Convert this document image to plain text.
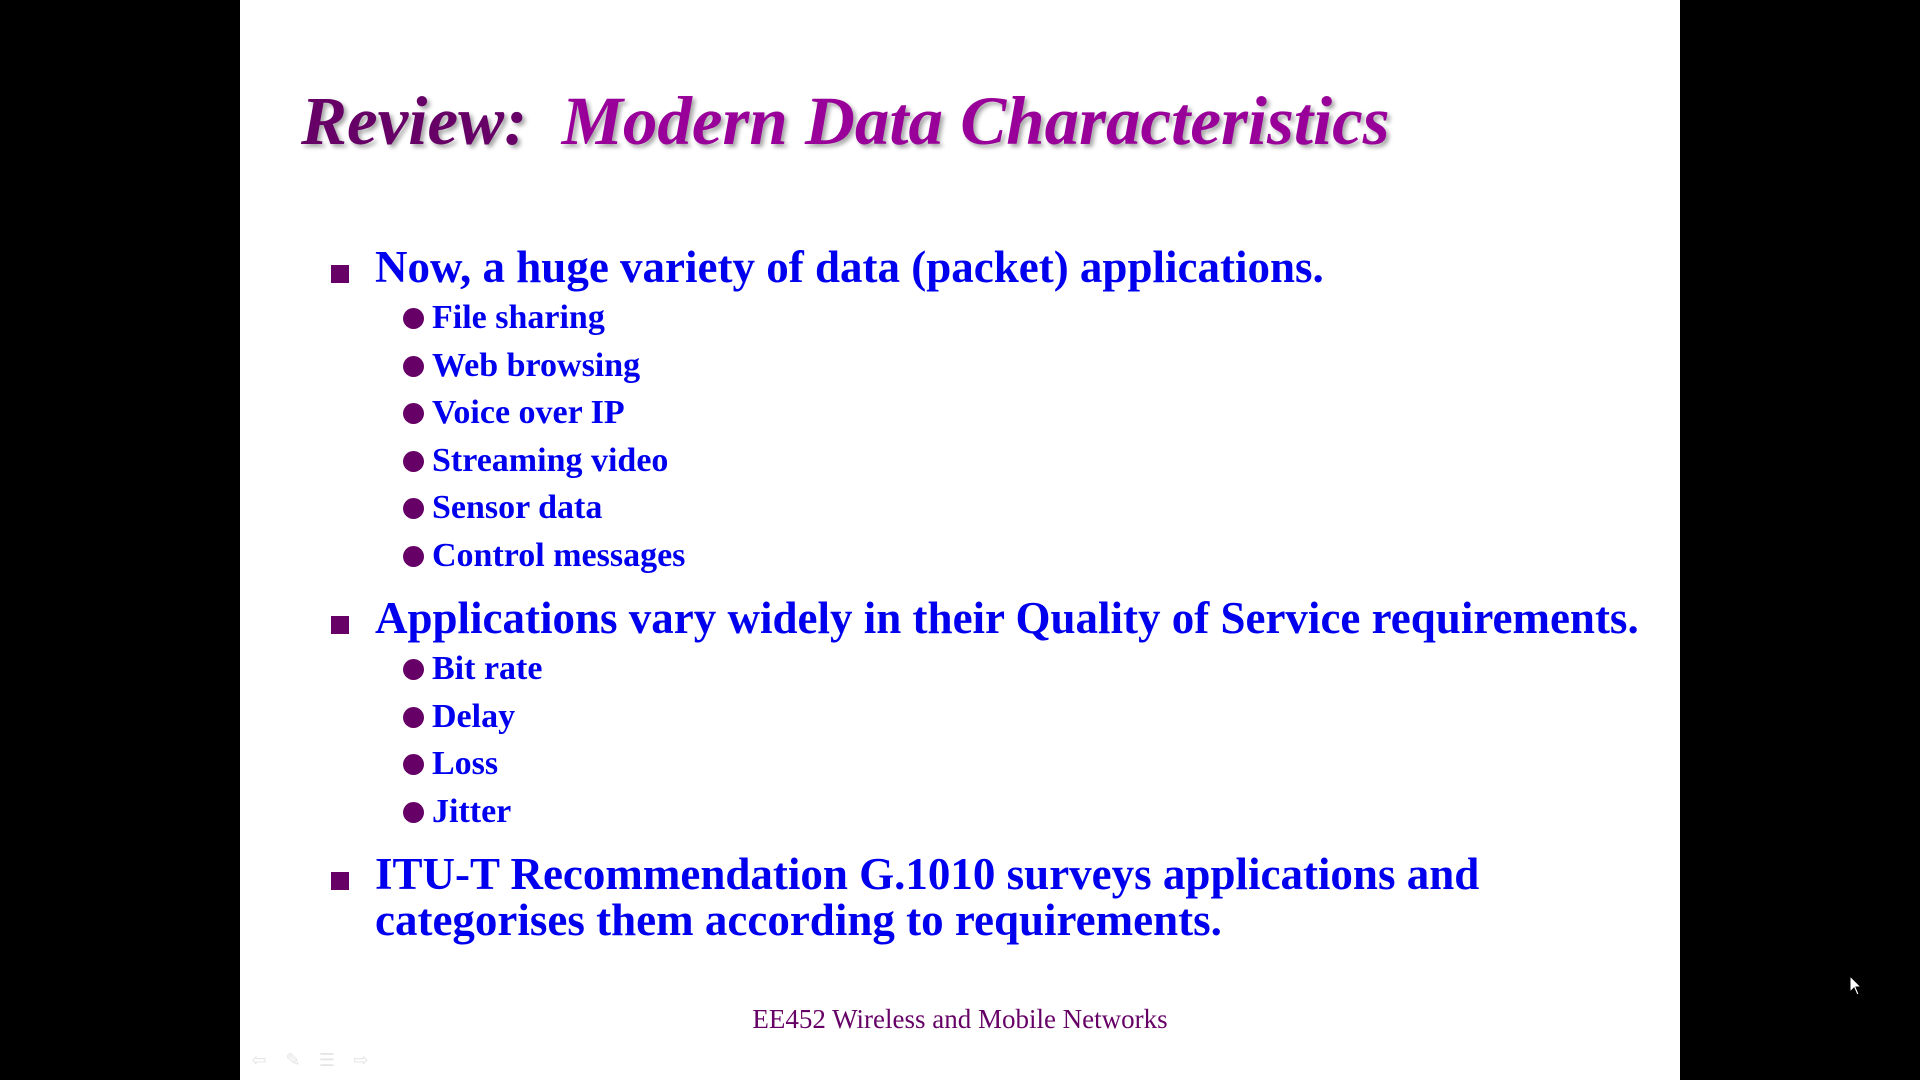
Review: Modern Data Characteristics
Now, a huge variety of data (packet) applications.
File sharing
Web browsing
Voice over IP
Streaming video
Sensor data
Control messages
Applications vary widely in their Quality of Service requirements.
Bit rate
Delay
Loss
Jitter
ITU-T Recommendation G.1010 surveys applications and categorises them according to requirements.
EE452 Wireless and Mobile Networks
⇦ ✎ ☰ ⇨
